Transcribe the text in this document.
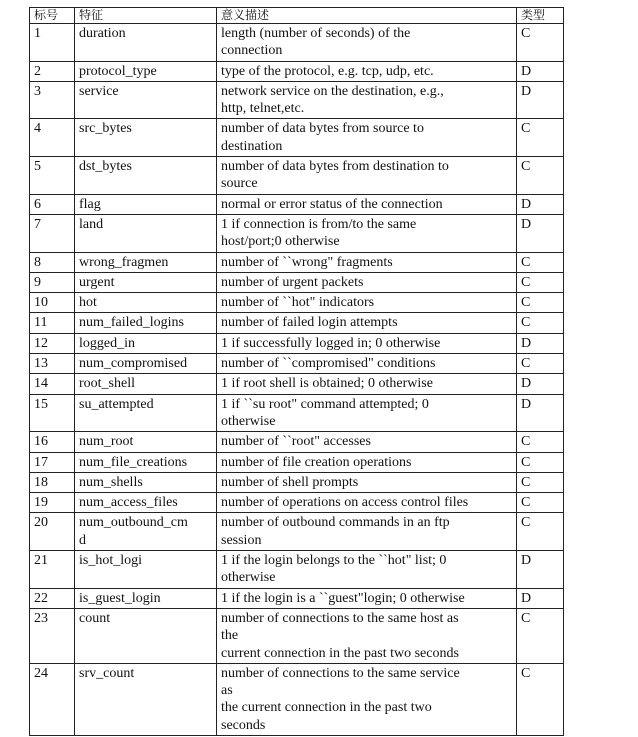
标号	特征	意义描述	类型
1	duration	length (number of seconds) of the
connection	C
2	protocol_type	type of the protocol, e.g. tcp, udp, etc.	D
3	service	network service on the destination, e.g.,
http, telnet,etc.	D
4	src_bytes	number of data bytes from source to
destination	C
5	dst_bytes	number of data bytes from destination to
source	C
6	flag	normal or error status of the connection	D
7	land	1 if connection is from/to the same
host/port;0 otherwise	D
8	wrong_fragmen	number of ``wrong" fragments	C
9	urgent	number of urgent packets	C
10	hot	number of ``hot" indicators	C
11	num_failed_logins	number of failed login attempts	C
12	logged_in	1 if successfully logged in; 0 otherwise	D
13	num_compromised	number of ``compromised" conditions	C
14	root_shell	1 if root shell is obtained; 0 otherwise	D
15	su_attempted	1 if ``su root" command attempted; 0
otherwise	D
16	num_root	number of ``root" accesses	C
17	num_file_creations	number of file creation operations	C
18	num_shells	number of shell prompts	C
19	num_access_files	number of operations on access control files	C
20	num_outbound_cm
d	number of outbound commands in an ftp
session	C
21	is_hot_logi	1 if the login belongs to the ``hot" list; 0
otherwise	D
22	is_guest_login	1 if the login is a ``guest"login; 0 otherwise	D
23	count	number of connections to the same host as
the
current connection in the past two seconds	C
24	srv_count	number of connections to the same service
as
the current connection in the past two
seconds	C
